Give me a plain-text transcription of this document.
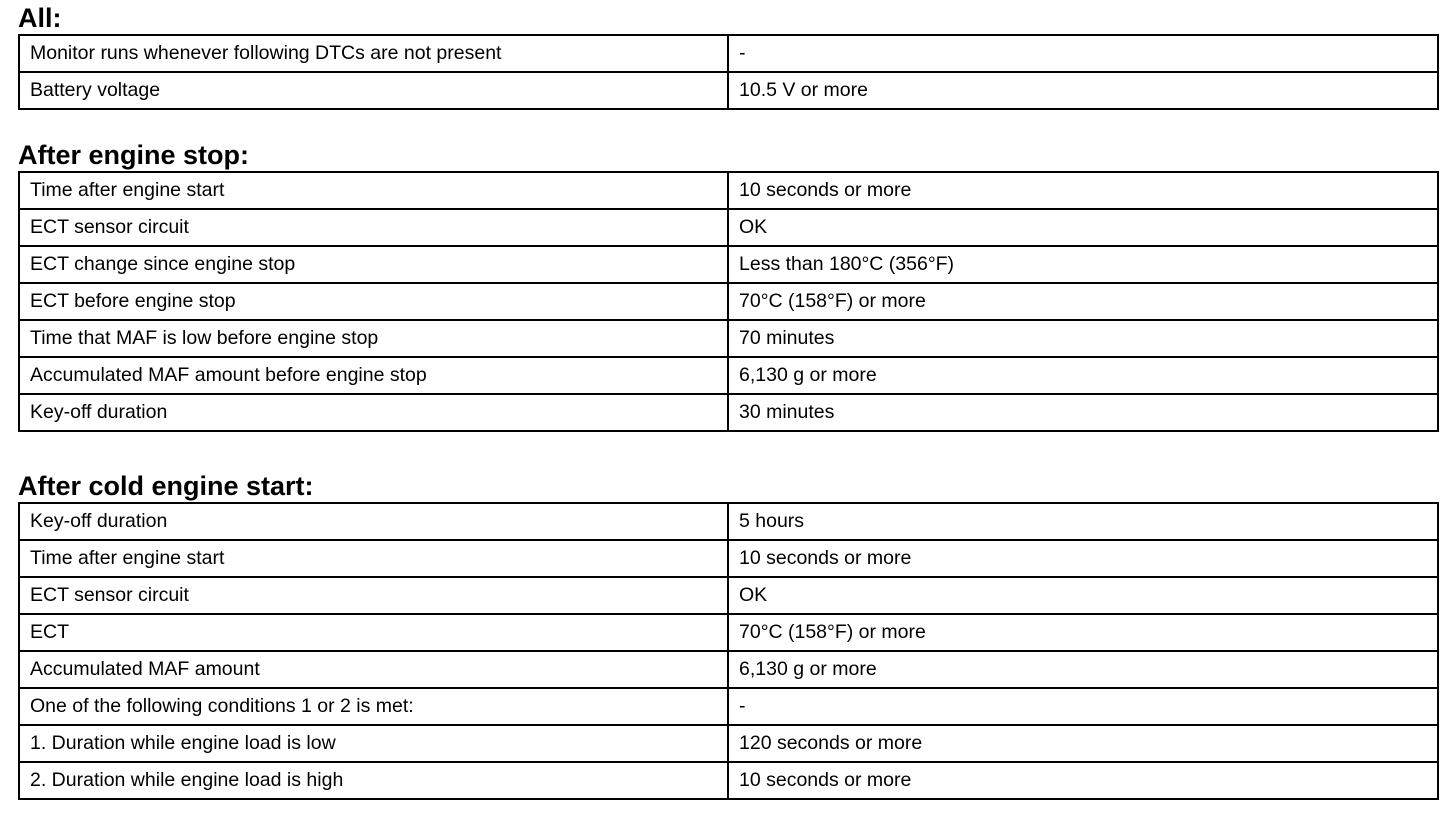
All:
Monitor runs whenever following DTCs are not present	-
Battery voltage	10.5 V or more
After engine stop:
Time after engine start	10 seconds or more
ECT sensor circuit	OK
ECT change since engine stop	Less than 180°C (356°F)
ECT before engine stop	70°C (158°F) or more
Time that MAF is low before engine stop	70 minutes
Accumulated MAF amount before engine stop	6,130 g or more
Key-off duration	30 minutes
After cold engine start:
Key-off duration	5 hours
Time after engine start	10 seconds or more
ECT sensor circuit	OK
ECT	70°C (158°F) or more
Accumulated MAF amount	6,130 g or more
One of the following conditions 1 or 2 is met:	-
1. Duration while engine load is low	120 seconds or more
2. Duration while engine load is high	10 seconds or more
